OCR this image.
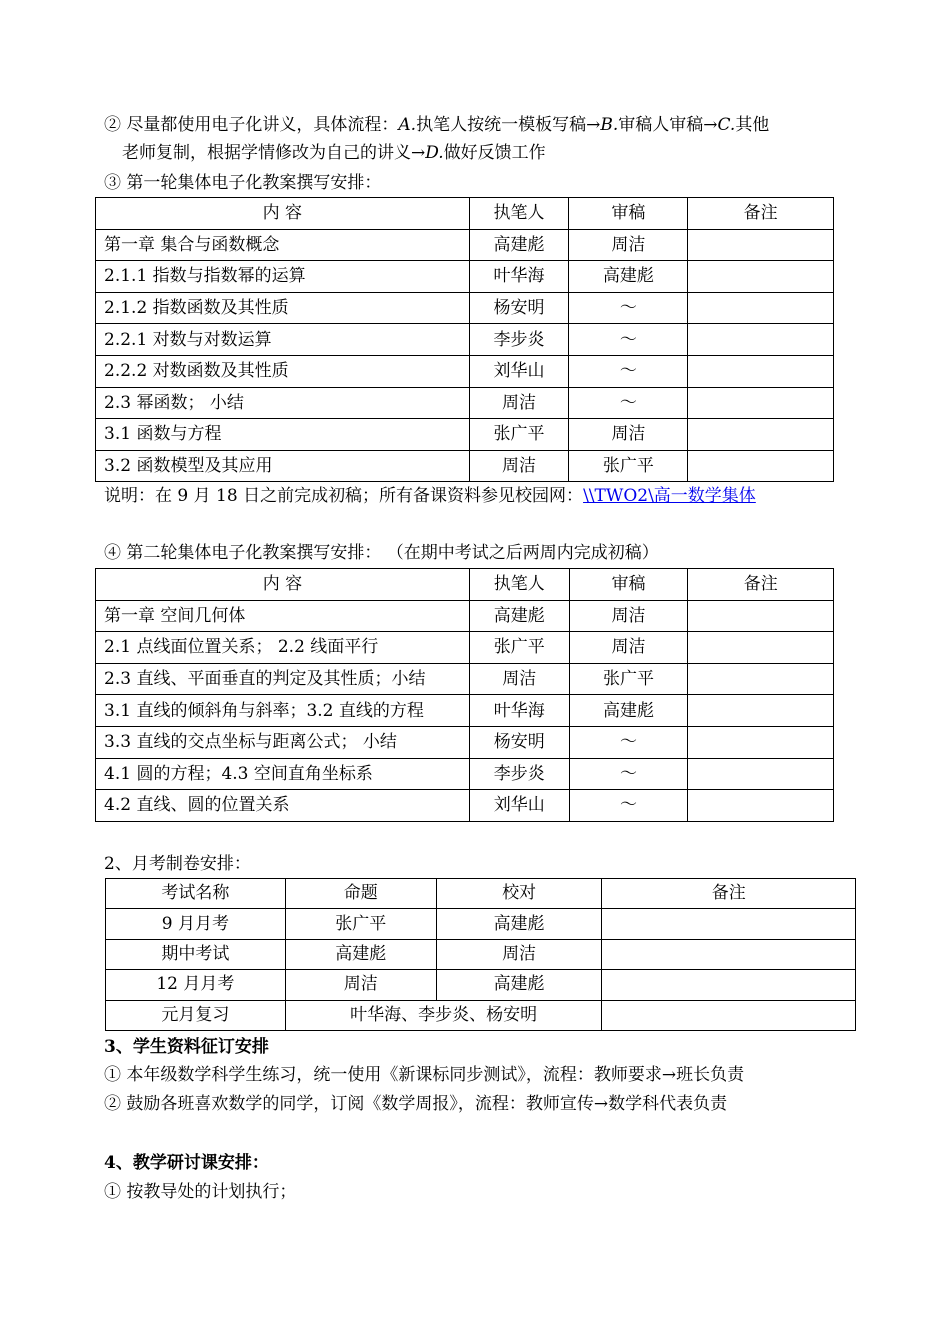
② 尽量都使用电子化讲义，具体流程：A.执笔人按统一模板写稿→B.审稿人审稿→C.其他
老师复制，根据学情修改为自己的讲义→D.做好反馈工作
③ 第一轮集体电子化教案撰写安排：
内 容	执笔人	审稿	备注
第一章 集合与函数概念	高建彪	周洁	
2.1.1 指数与指数幂的运算	叶华海	高建彪	
2.1.2 指数函数及其性质	杨安明	～	
2.2.1 对数与对数运算	李步炎	～	
2.2.2 对数函数及其性质	刘华山	～	
2.3 幂函数； 小结	周洁	～	
3.1 函数与方程	张广平	周洁	
3.2 函数模型及其应用	周洁	张广平	
说明：在 9 月 18 日之前完成初稿；所有备课资料参见校园网：\\TWO2\高一数学集体
④ 第二轮集体电子化教案撰写安排： （在期中考试之后两周内完成初稿）
内 容	执笔人	审稿	备注
第一章 空间几何体	高建彪	周洁	
2.1 点线面位置关系； 2.2 线面平行	张广平	周洁	
2.3 直线、平面垂直的判定及其性质；小结	周洁	张广平	
3.1 直线的倾斜角与斜率；3.2 直线的方程	叶华海	高建彪	
3.3 直线的交点坐标与距离公式； 小结	杨安明	～	
4.1 圆的方程；4.3 空间直角坐标系	李步炎	～	
4.2 直线、圆的位置关系	刘华山	～	
2、月考制卷安排：
考试名称	命题	校对	备注
9 月月考	张广平	高建彪	
期中考试	高建彪	周洁	
12 月月考	周洁	高建彪	
元月复习	叶华海、李步炎、杨安明		
3、学生资料征订安排
① 本年级数学科学生练习，统一使用《新课标同步测试》，流程：教师要求→班长负责
② 鼓励各班喜欢数学的同学，订阅《数学周报》，流程：教师宣传→数学科代表负责
4、教学研讨课安排：
① 按教导处的计划执行；
